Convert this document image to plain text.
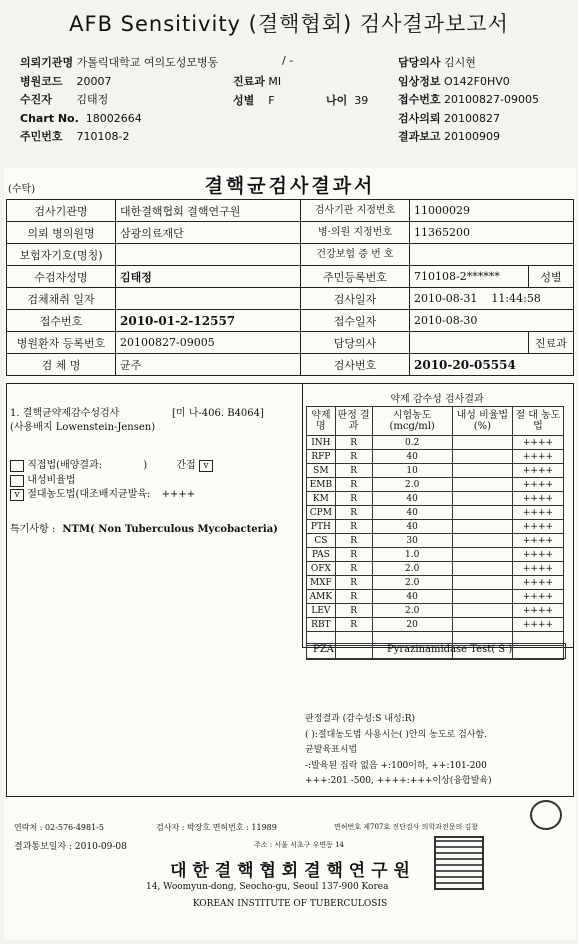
AFB Sensitivity (결핵협회) 검사결과보고서
의뢰기관명 가톨릭대학교 여의도성모병동
병원코드 20007
수진자 김태정
Chart No. 18002664
주민번호 710108-2
/ -
진료과 MI
성별 F	나이 39
담당의사 김시현
임상정보 O142F0HV0
접수번호 20100827-09005
검사의뢰 20100827
결과보고 20100909
(수탁)	결핵균검사결과서
검사기관명	대한결핵협회 결핵연구원	검사기관 지정번호	11000029	
의뢰 병의원명	삼광의료재단	병·의원 지정번호	11365200	
보험자기호(명칭)		건강보험 증 번 호		
수검자성명	김태정	주민등록번호	710108-2******	성별
검체채취 일자		검사일자	2010-08-31 11:44:58	
접수번호	2010-01-2-12557	접수일자	2010-08-30	
병원환자 등록번호	20100827-09005	담당의사		진료과
검 체 명	균주	검사번호	2010-20-05554	
1. 결핵균약제감수성검사	[미 나-406. B4064]
(사용배지 Lowenstein-Jensen)
직접법(배양결과:	)	간접 v
내성비율법
v 절대농도법(대조배지균발육: ++++
특기사항 : NTM( Non Tuberculous Mycobacteria)
약제 감수성 검사결과
약제명	판정 결과	시험농도 (mcg/ml)	내성 비율법(%)	절 대 농도법
INH	R	0.2		++++
RFP	R	40		++++
SM	R	10		++++
EMB	R	2.0		++++
KM	R	40		++++
CPM	R	40		++++
PTH	R	40		++++
CS	R	30		++++
PAS	R	1.0		++++
OFX	R	2.0		++++
MXF	R	2.0		++++
AMK	R	40		++++
LEV	R	2.0		++++
RBT	R	20		++++

PZA	Pyrazinamidase Test( S )
판정결과 (감수성:S 내성:R)
( ):절대농도법 사용시는( )안의 농도로 검사함.
균발육표시법
-:발육된 집락 없음 +:100이하, ++:101-200
+++:201 -500, ++++:+++이상(융합발육)
연락처 : 02-576-4981-5	검사자 : 박장흐 면허번호 : 11989	면허번호 제707호 진단검사 의학과전문의 김창
결과통보일자 : 2010-09-08	주소 : 서울 서초구 우면동 14
대 한 결 핵 협 회 결 핵 연 구 원
14, Woomyun-dong, Seocho-gu, Seoul 137-900 Korea
KOREAN INSTITUTE OF TUBERCULOSIS
